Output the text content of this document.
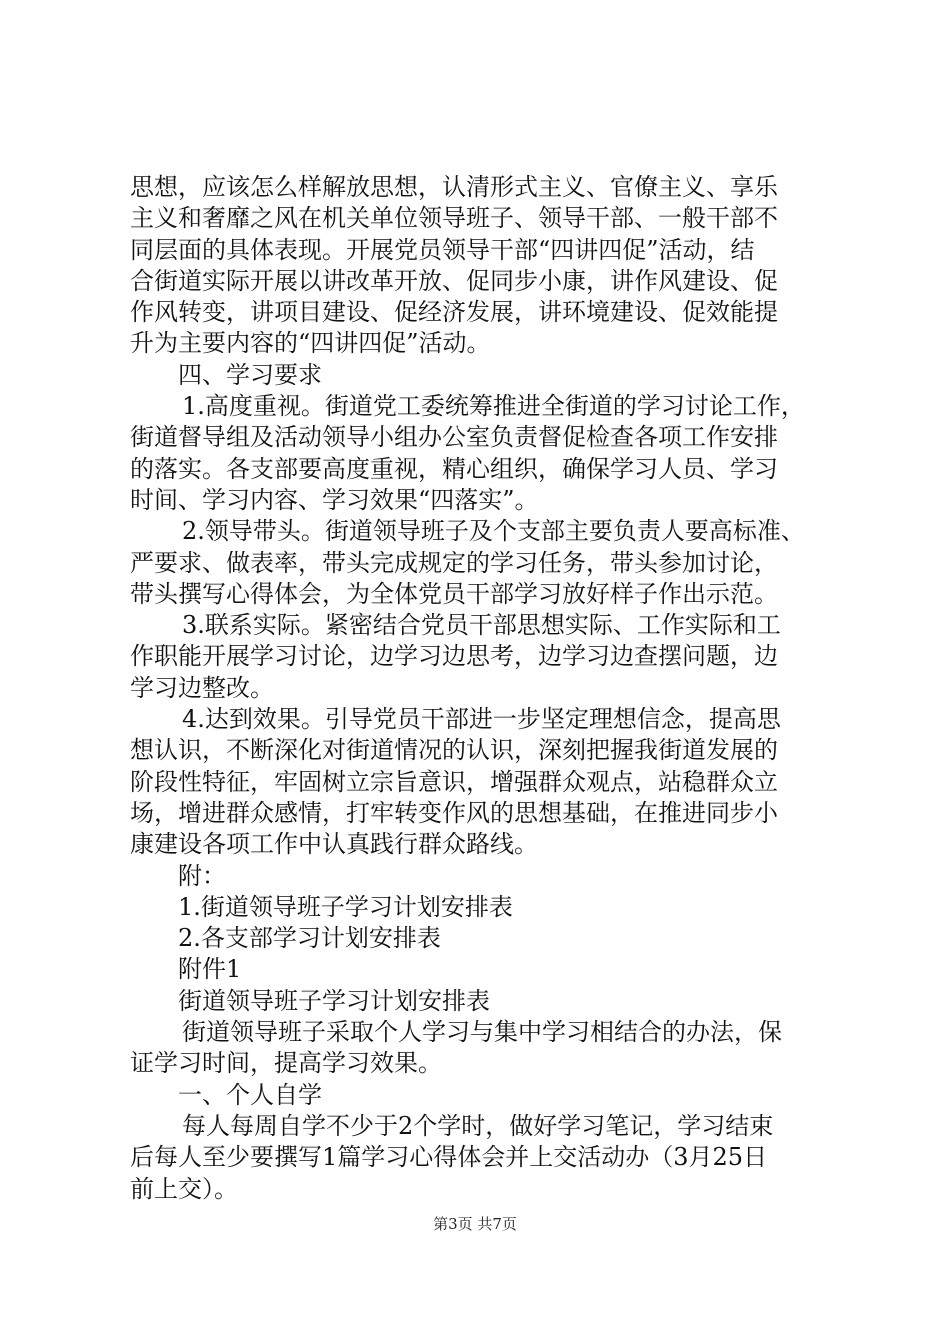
思想，应该怎么样解放思想，认清形式主义、官僚主义、享乐
主义和奢靡之风在机关单位领导班子、领导干部、一般干部不
同层面的具体表现。开展党员领导干部“四讲四促”活动，结
合街道实际开展以讲改革开放、促同步小康，讲作风建设、促
作风转变，讲项目建设、促经济发展，讲环境建设、促效能提
升为主要内容的“四讲四促”活动。
四、学习要求
1.高度重视。街道党工委统筹推进全街道的学习讨论工作，
街道督导组及活动领导小组办公室负责督促检查各项工作安排
的落实。各支部要高度重视，精心组织，确保学习人员、学习
时间、学习内容、学习效果“四落实”。
2.领导带头。街道领导班子及个支部主要负责人要高标准、
严要求、做表率，带头完成规定的学习任务，带头参加讨论，
带头撰写心得体会，为全体党员干部学习放好样子作出示范。
3.联系实际。紧密结合党员干部思想实际、工作实际和工
作职能开展学习讨论，边学习边思考，边学习边查摆问题，边
学习边整改。
4.达到效果。引导党员干部进一步坚定理想信念，提高思
想认识，不断深化对街道情况的认识，深刻把握我街道发展的
阶段性特征，牢固树立宗旨意识，增强群众观点，站稳群众立
场，增进群众感情，打牢转变作风的思想基础，在推进同步小
康建设各项工作中认真践行群众路线。
附：
1.街道领导班子学习计划安排表
2.各支部学习计划安排表
附件1
街道领导班子学习计划安排表
街道领导班子采取个人学习与集中学习相结合的办法，保
证学习时间，提高学习效果。
一、个人自学
每人每周自学不少于2个学时，做好学习笔记，学习结束
后每人至少要撰写1篇学习心得体会并上交活动办（3月25日
前上交）。
第3页 共7页
